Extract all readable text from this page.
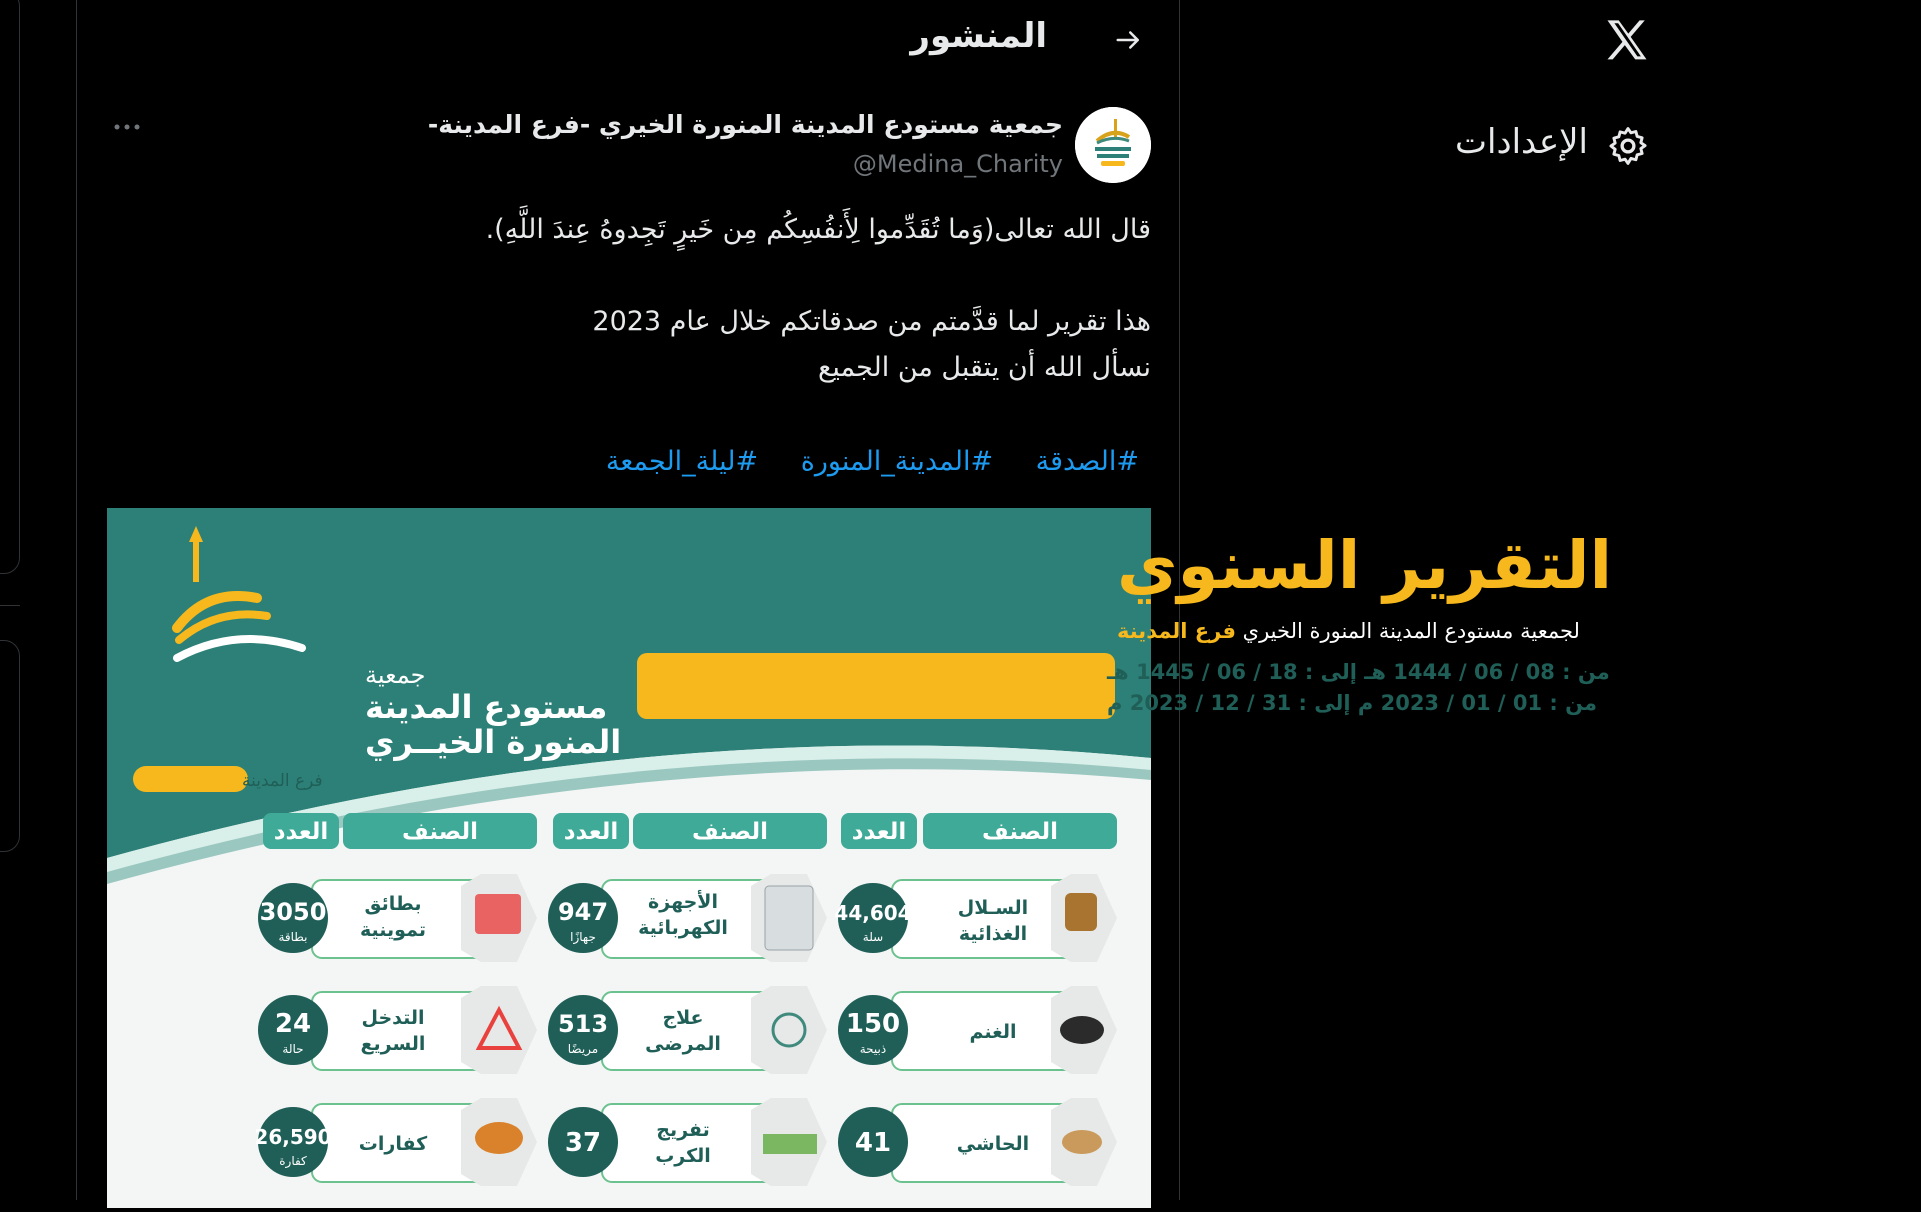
المنشور
جمعية مستودع المدينة المنورة الخيري -فرع المدينة-
@Medina_Charity
قال الله تعالى(وَما تُقَدِّموا لِأَنفُسِكُم مِن خَيرٍ تَجِدوهُ عِندَ اللَّهِ).
هذا تقرير لما قدَّمتم من صدقاتكم خلال عام 2023
نسأل الله أن يتقبل من الجميع
#الصدقة #المدينة_المنورة #ليلة_الجمعة
التقرير السنوي
لجمعية مستودع المدينة المنورة الخيري فرع المدينة
من : 08 / 06 / 1444 هـ إلى : 18 / 06 / 1445 هـ
من : 01 / 01 / 2023 م إلى : 31 / 12 / 2023 م
جمعية
مستودع المدينة
المنورة الخيــري
فرع المدينة
الصنف
العدد
الصنف
العدد
الصنف
العدد
السـلال
الغذائية
44,604
سلة
الأجهزة
الكهربائية
947
جهازًا
بطائق
تموينية
3050
بطاقة
الغنم
150
ذبيحة
علاج
المرضى
513
مريضًا
التدخل
السريع
24
حالة
الحاشي
41
تفريج
الكرب
37
كفارات
26,590
كفارة
الإعدادات
